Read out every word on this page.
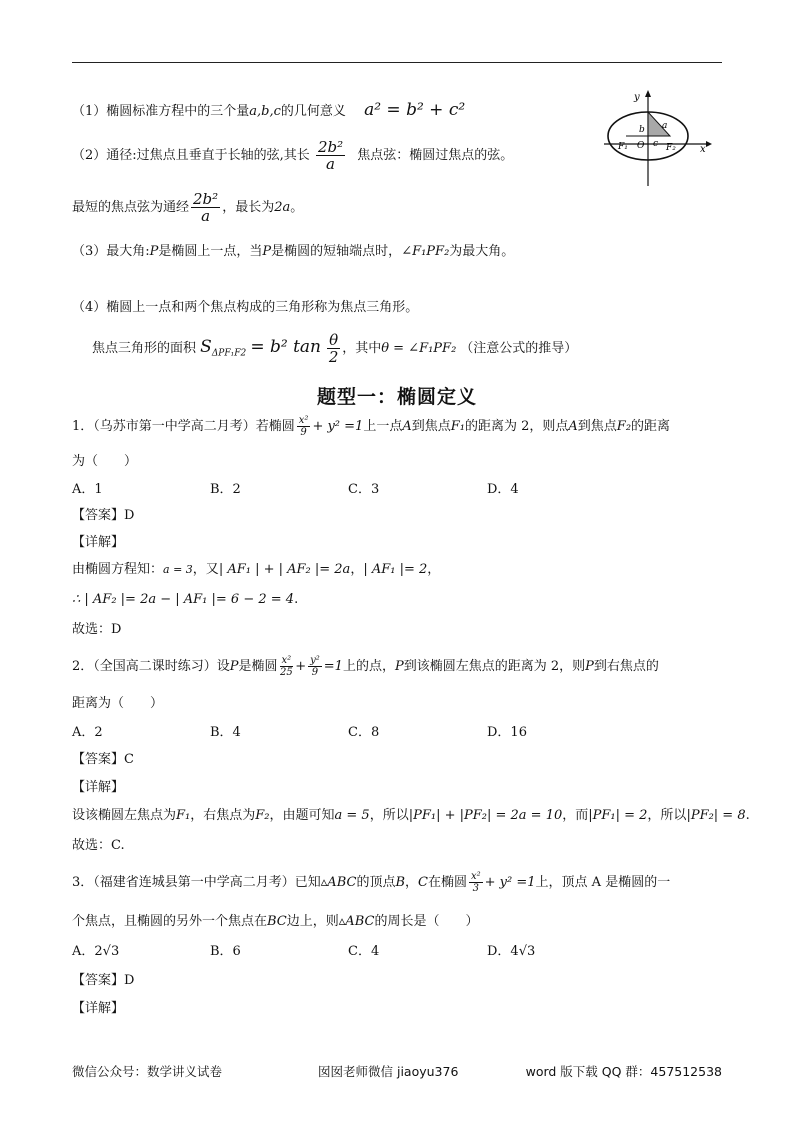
（1）椭圆标准方程中的三个量a,b,c的几何意义 a² = b² + c²
（2）通径:过焦点且垂直于长轴的弦,其长 $\frac{\text{2b²}}{a}$ 焦点弦：椭圆过焦点的弦。
最短的焦点弦为通经 $\frac{\text{2b²}}{a}$ ，最长为2a。
（3）最大角:P是椭圆上一点，当P是椭圆的短轴端点时，∠F₁PF₂为最大角。
（4）椭圆上一点和两个焦点构成的三角形称为焦点三角形。
焦点三角形的面积 $S_{\Delta PF_1F2} = b^2$ $\tan \frac{\theta}{2}$ ，其中θ = ∠F₁PF₂ （注意公式的推导）
y
x
b a
c
O
F₁	F₂
题型一：椭圆定义
1．（乌苏市第一中学高二月考）若椭圆 $\frac{\text{x²}}{9} + y^2 =1$上一点A到焦点F₁的距离为 2，则点A到焦点F₂的距离
为（　　）
A．1	B．2	C．3	D．4
【答案】D
【详解】
由椭圆方程知：a = 3，又| AF₁ | + | AF₂ |= 2a，| AF₁ |= 2，
∴ | AF₂ |= 2a − | AF₁ |= 6 − 2 = 4.
故选：D
2．（全国高二课时练习）设P是椭圆 $\frac{\text{x²}}{25} + \frac{\text{y²}}{9} =1$上的点，P到该椭圆左焦点的距离为 2，则P到右焦点的
距离为（　　）
A．2	B．4	C．8	D．16
【答案】C
【详解】
设该椭圆左焦点为F₁，右焦点为F₂，由题可知a = 5，所以|PF₁| + |PF₂| = 2a = 10，而|PF₁| = 2，所以|PF₂| = 8.
故选：C.
3．（福建省连城县第一中学高二月考）已知▵ABC的顶点B，C在椭圆 $\frac{\text{x²}}{3} + y^2 =1$上，顶点 A 是椭圆的一
个焦点，且椭圆的另外一个焦点在BC边上，则▵ABC的周长是（　　）
A．2√3	B．6	C．4	D．4√3
【答案】D
【详解】
微信公众号：数学讲义试卷	囡囡老师微信 jiaoyu376	word 版下载 QQ 群：457512538
